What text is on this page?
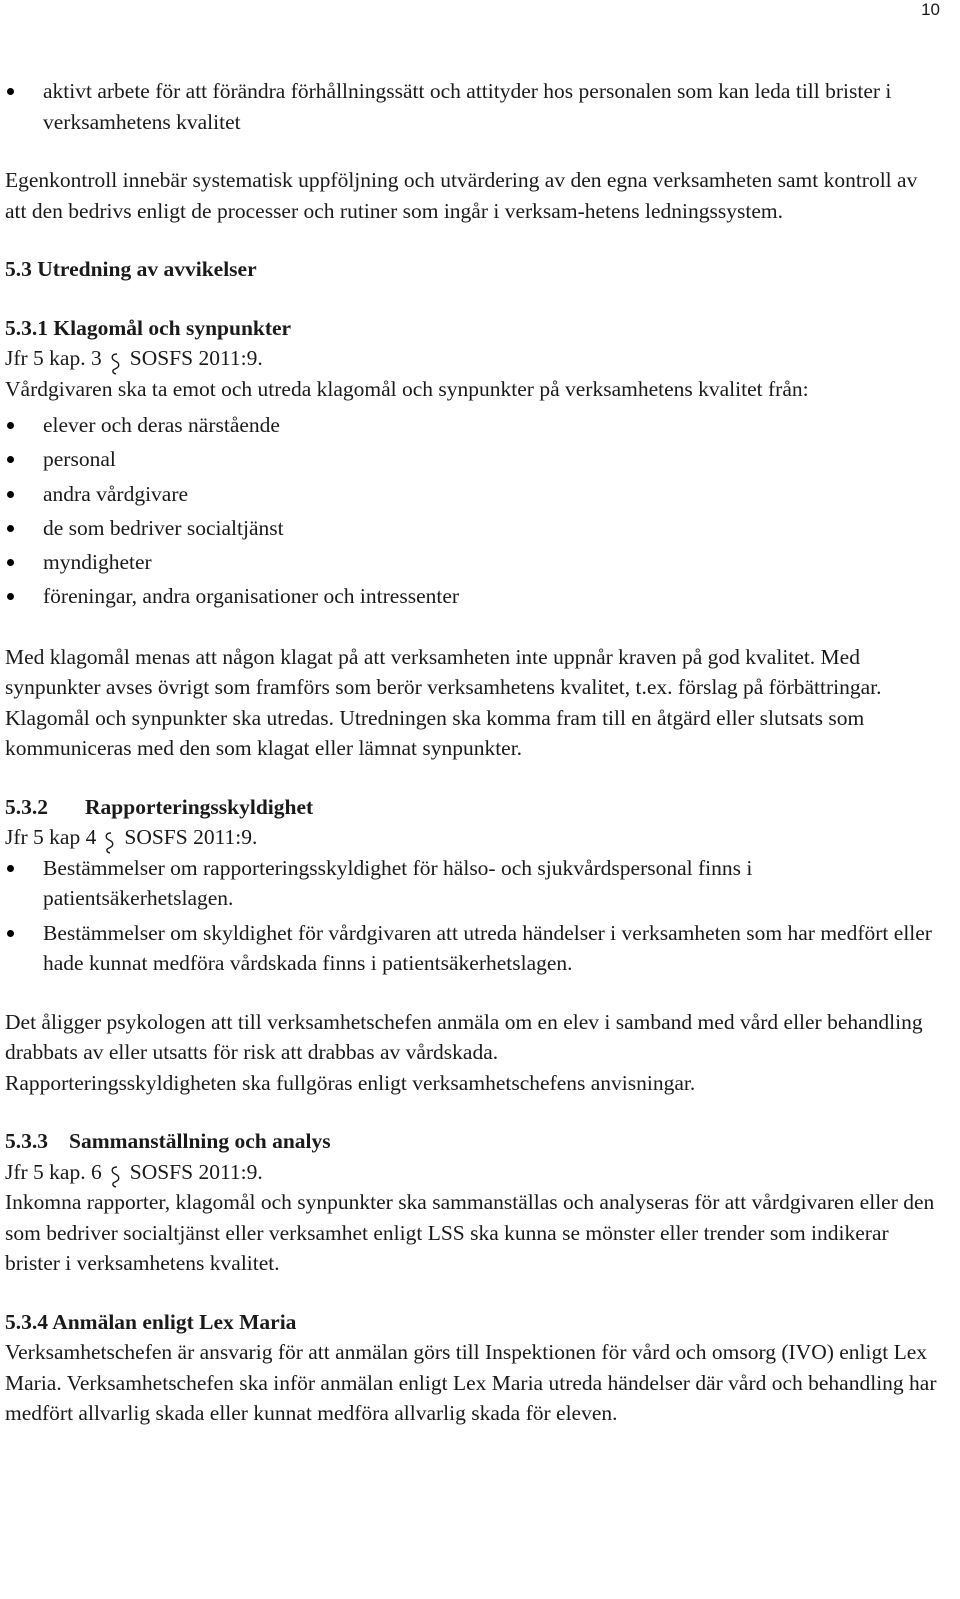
10
aktivt arbete för att förändra förhållningssätt och attityder hos personalen som kan leda till brister i verksamhetens kvalitet

Egenkontroll innebär systematisk uppföljning och utvärdering av den egna verksamheten samt kontroll av att den bedrivs enligt de processer och rutiner som ingår i verksam-hetens ledningssystem.

5.3 Utredning av avvikelser
5.3.1 Klagomål och synpunkter

Jfr 5 kap. 3 SOSFS 2011:9.

Vårdgivaren ska ta emot och utreda klagomål och synpunkter på verksamhetens kvalitet från:

elever och deras närstående
personal
andra vårdgivare
de som bedriver socialtjänst
myndigheter
föreningar, andra organisationer och intressenter

Med klagomål menas att någon klagat på att verksamheten inte uppnår kraven på god kvalitet. Med synpunkter avses övrigt som framförs som berör verksamhetens kvalitet, t.ex. förslag på förbättringar. Klagomål och synpunkter ska utredas. Utredningen ska komma fram till en åtgärd eller slutsats som kommuniceras med den som klagat eller lämnat synpunkter.

5.3.2 Rapporteringsskyldighet

Jfr 5 kap 4 SOSFS 2011:9.

Bestämmelser om rapporteringsskyldighet för hälso- och sjukvårdspersonal finns i patientsäkerhetslagen.
Bestämmelser om skyldighet för vårdgivaren att utreda händelser i verksamheten som har medfört eller hade kunnat medföra vårdskada finns i patientsäkerhetslagen.

Det åligger psykologen att till verksamhetschefen anmäla om en elev i samband med vård eller behandling drabbats av eller utsatts för risk att drabbas av vårdskada.

Rapporteringsskyldigheten ska fullgöras enligt verksamhetschefens anvisningar.

5.3.3 Sammanställning och analys

Jfr 5 kap. 6 SOSFS 2011:9.

Inkomna rapporter, klagomål och synpunkter ska sammanställas och analyseras för att vårdgivaren eller den som bedriver socialtjänst eller verksamhet enligt LSS ska kunna se mönster eller trender som indikerar brister i verksamhetens kvalitet.

5.3.4 Anmälan enligt Lex Maria

Verksamhetschefen är ansvarig för att anmälan görs till Inspektionen för vård och omsorg (IVO) enligt Lex Maria. Verksamhetschefen ska inför anmälan enligt Lex Maria utreda händelser där vård och behandling har medfört allvarlig skada eller kunnat medföra allvarlig skada för eleven.
